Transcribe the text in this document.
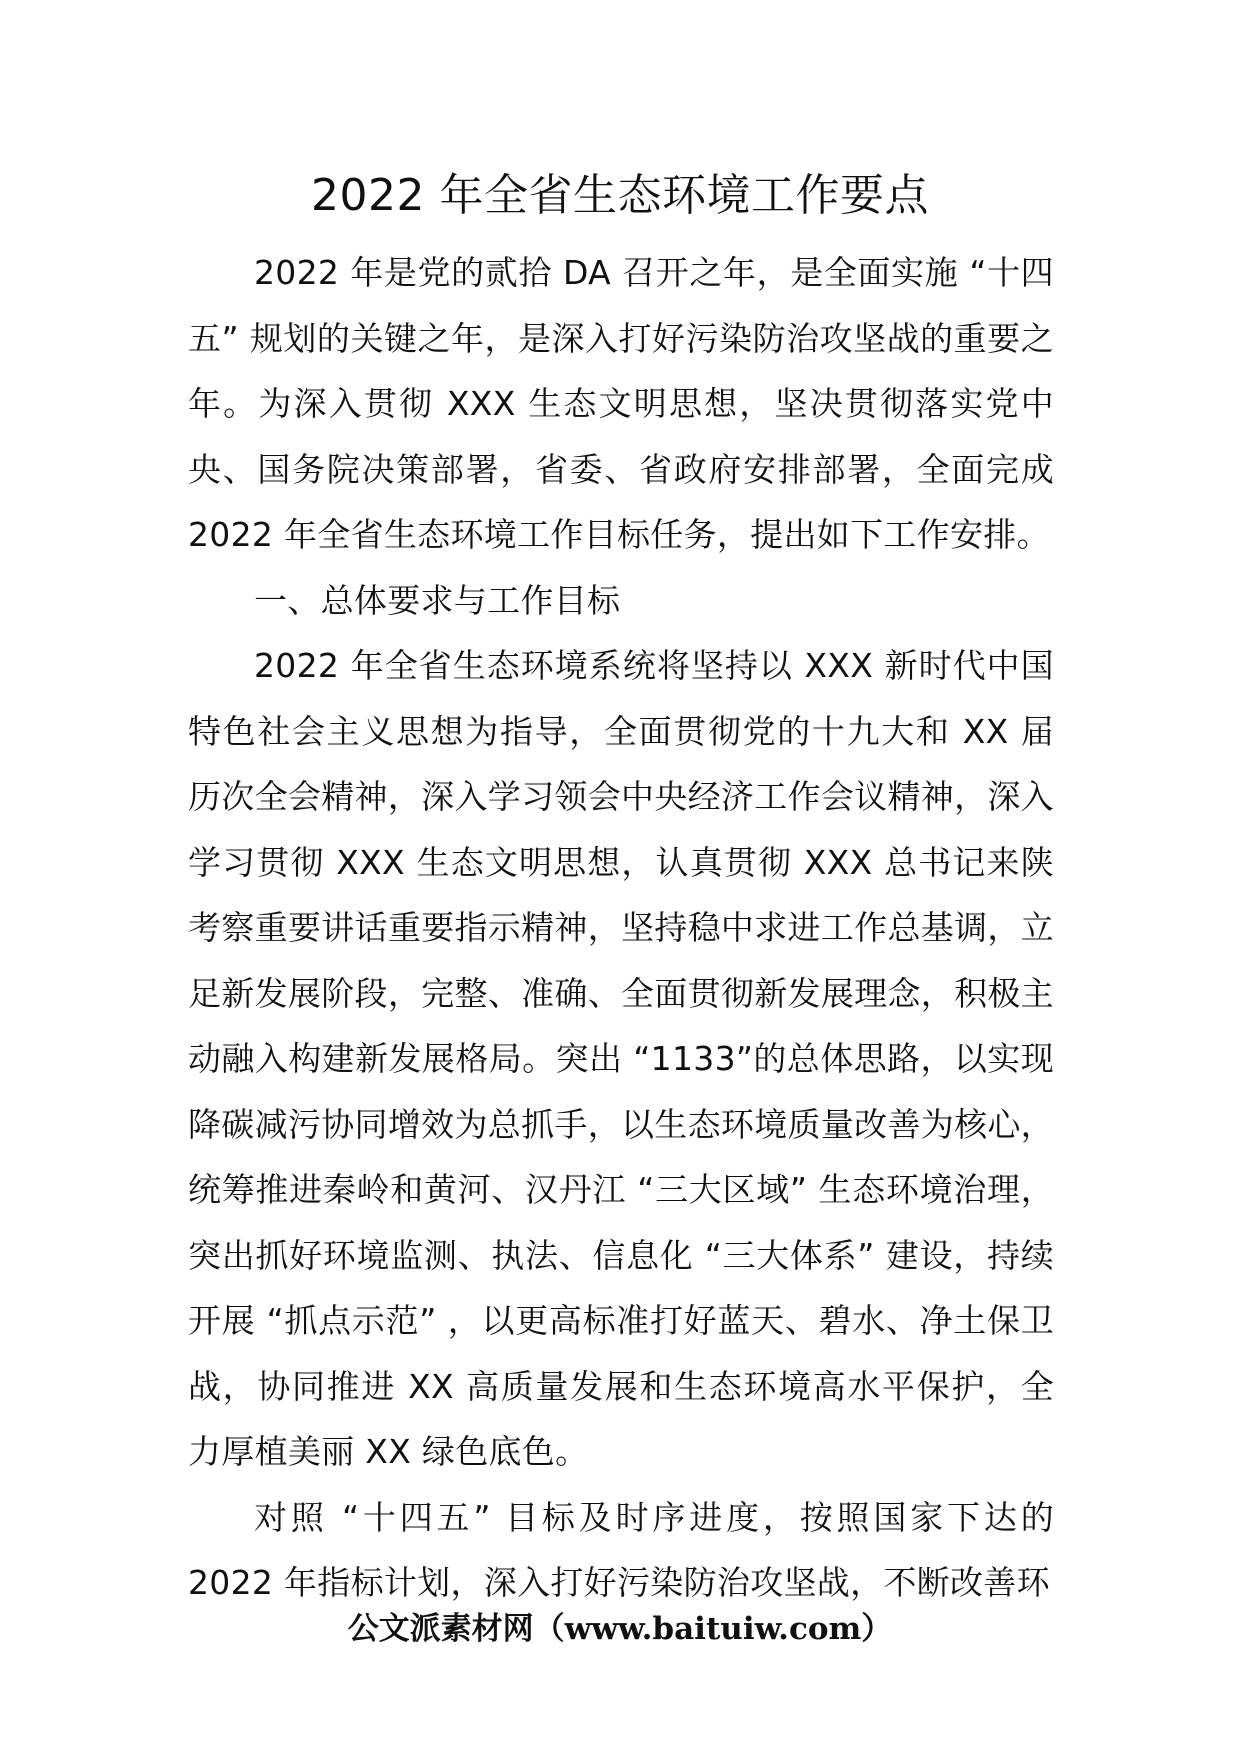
2022 年全省生态环境工作要点

2022 年是党的贰拾 DA 召开之年，是全面实施 “十四五” 规划的关键之年，是深入打好污染防治攻坚战的重要之年。为深入贯彻 XXX 生态文明思想，坚决贯彻落实党中央、国务院决策部署，省委、省政府安排部署，全面完成 2022 年全省生态环境工作目标任务，提出如下工作安排。

一、总体要求与工作目标

2022 年全省生态环境系统将坚持以 XXX 新时代中国特色社会主义思想为指导，全面贯彻党的十九大和 XX 届历次全会精神，深入学习领会中央经济工作会议精神，深入学习贯彻 XXX 生态文明思想，认真贯彻 XXX 总书记来陕考察重要讲话重要指示精神，坚持稳中求进工作总基调，立足新发展阶段，完整、准确、全面贯彻新发展理念，积极主动融入构建新发展格局。突出 “1133”的总体思路，以实现降碳减污协同增效为总抓手，以生态环境质量改善为核心，统筹推进秦岭和黄河、汉丹江 “三大区域” 生态环境治理，突出抓好环境监测、执法、信息化 “三大体系” 建设，持续开展 “抓点示范” ，以更高标准打好蓝天、碧水、净土保卫战，协同推进 XX 高质量发展和生态环境高水平保护，全力厚植美丽 XX 绿色底色。

对照 “十四五” 目标及时序进度，按照国家下达的 2022 年指标计划，深入打好污染防治攻坚战，不断改善环

公文派素材网（www.baituiw.com）
